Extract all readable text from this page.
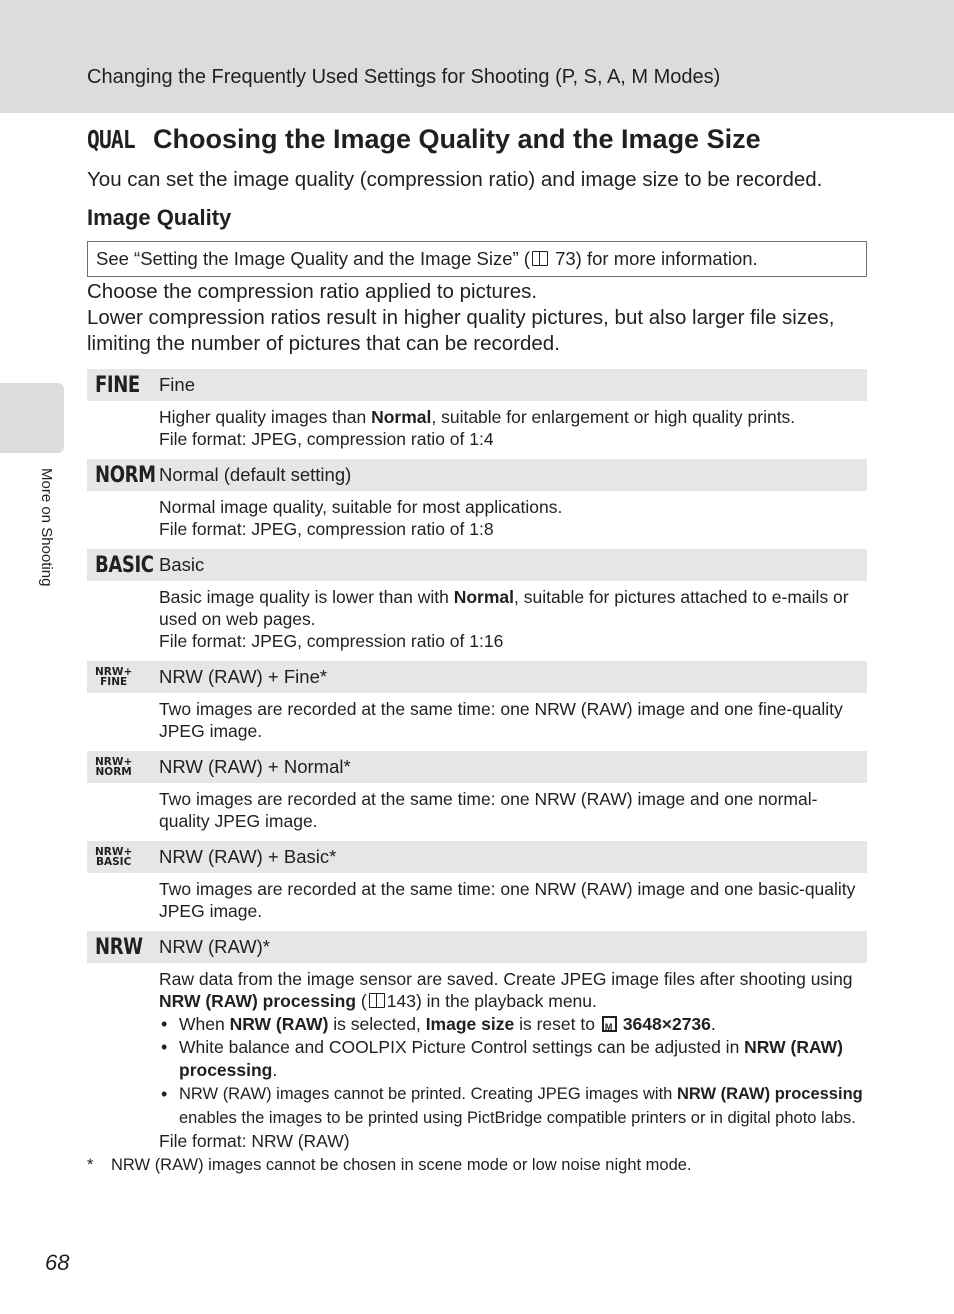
Changing the Frequently Used Settings for Shooting (P, S, A, M Modes)
More on Shooting
QUAL Choosing the Image Quality and the Image Size
You can set the image quality (compression ratio) and image size to be recorded.
Image Quality
See “Setting the Image Quality and the Image Size” ( 73) for more information.
Choose the compression ratio applied to pictures.
Lower compression ratios result in higher quality pictures, but also larger file sizes, limiting the number of pictures that can be recorded.
FINE Fine
Higher quality images than Normal, suitable for enlargement or high quality prints.
File format: JPEG, compression ratio of 1:4
NORM Normal (default setting)
Normal image quality, suitable for most applications.
File format: JPEG, compression ratio of 1:8
BASIC Basic
Basic image quality is lower than with Normal, suitable for pictures attached to e-mails or used on web pages.
File format: JPEG, compression ratio of 1:16
NRW+
FINE NRW (RAW) + Fine*
Two images are recorded at the same time: one NRW (RAW) image and one fine-quality JPEG image.
NRW+
NORM NRW (RAW) + Normal*
Two images are recorded at the same time: one NRW (RAW) image and one normal-quality JPEG image.
NRW+
BASIC NRW (RAW) + Basic*
Two images are recorded at the same time: one NRW (RAW) image and one basic-quality JPEG image.
NRW NRW (RAW)*
Raw data from the image sensor are saved. Create JPEG image files after shooting using NRW (RAW) processing ( 143) in the playback menu.
• When NRW (RAW) is selected, Image size is reset to M3648×2736.
• White balance and COOLPIX Picture Control settings can be adjusted in NRW (RAW) processing.
• NRW (RAW) images cannot be printed. Creating JPEG images with NRW (RAW) processing enables the images to be printed using PictBridge compatible printers or in digital photo labs.
File format: NRW (RAW)
* NRW (RAW) images cannot be chosen in scene mode or low noise night mode.
68
